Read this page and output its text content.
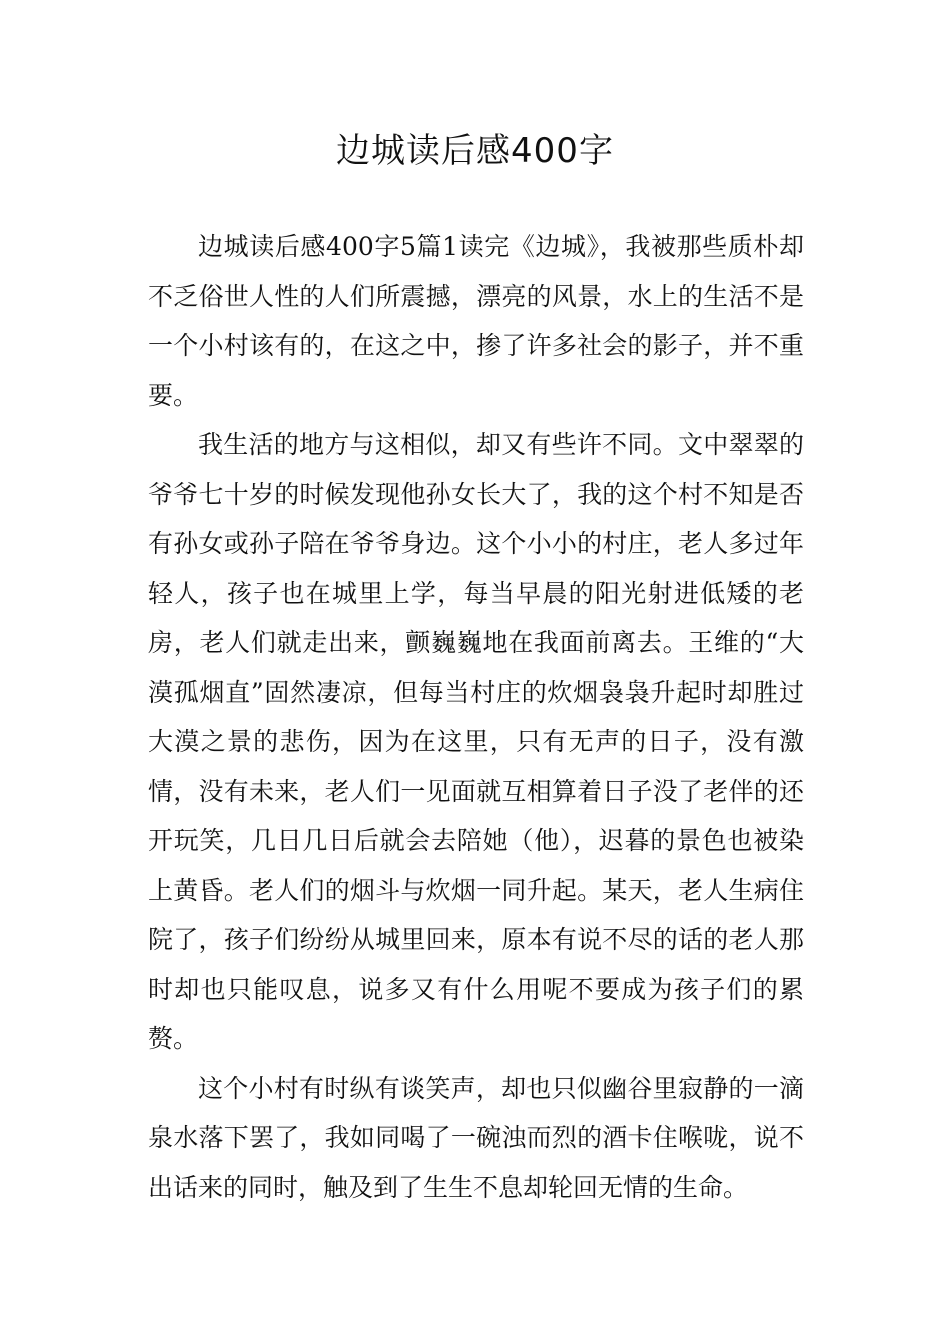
边城读后感400字

边城读后感400字5篇1读完《边城》，我被那些质朴却不乏俗世人性的人们所震撼，漂亮的风景，水上的生活不是一个小村该有的，在这之中，掺了许多社会的影子，并不重要。

我生活的地方与这相似，却又有些许不同。文中翠翠的爷爷七十岁的时候发现他孙女长大了，我的这个村不知是否有孙女或孙子陪在爷爷身边。这个小小的村庄，老人多过年轻人，孩子也在城里上学，每当早晨的阳光射进低矮的老房，老人们就走出来，颤巍巍地在我面前离去。王维的“大漠孤烟直”固然凄凉，但每当村庄的炊烟袅袅升起时却胜过大漠之景的悲伤，因为在这里，只有无声的日子，没有激情，没有未来，老人们一见面就互相算着日子没了老伴的还开玩笑，几日几日后就会去陪她（他），迟暮的景色也被染上黄昏。老人们的烟斗与炊烟一同升起。某天，老人生病住院了，孩子们纷纷从城里回来，原本有说不尽的话的老人那时却也只能叹息，说多又有什么用呢不要成为孩子们的累赘。

这个小村有时纵有谈笑声，却也只似幽谷里寂静的一滴泉水落下罢了，我如同喝了一碗浊而烈的酒卡住喉咙，说不出话来的同时，触及到了生生不息却轮回无情的生命。
